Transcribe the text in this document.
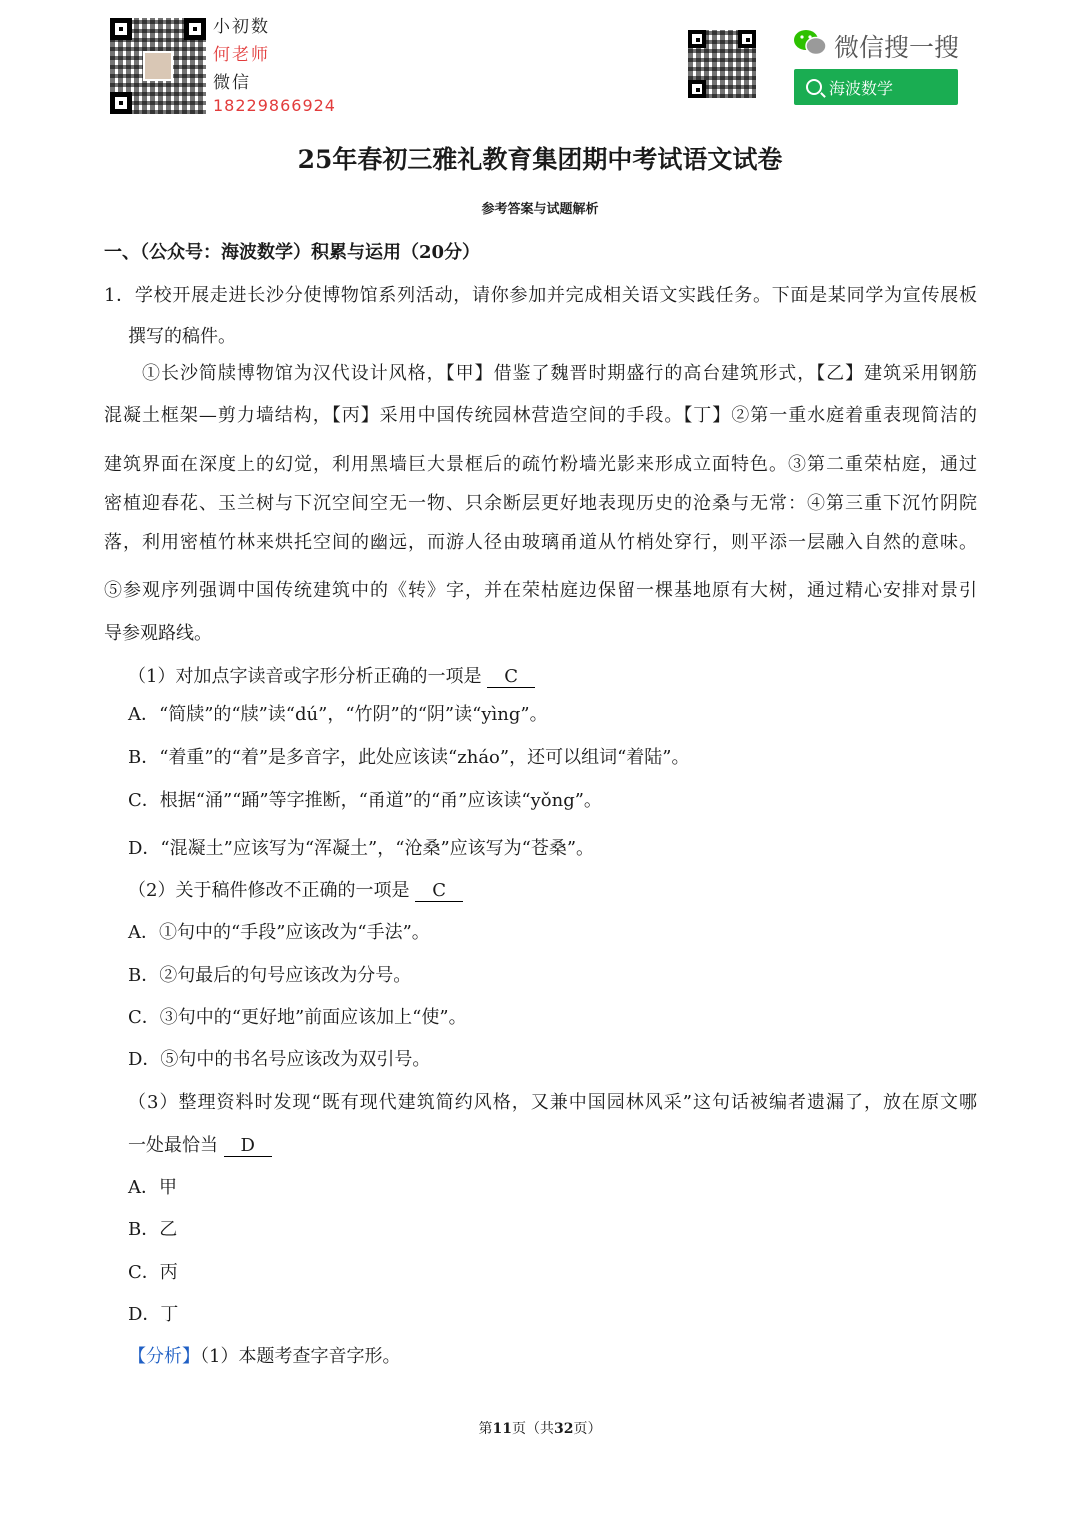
小初数
何老师
微信
18229866924
微信搜一搜
海波数学
25年春初三雅礼教育集团期中考试语文试卷
参考答案与试题解析
一、（公众号：海波数学）积累与运用（20分）
1．学校开展走进长沙分使博物馆系列活动，请你参加并完成相关语文实践任务。下面是某同学为宣传展板
撰写的稿件。
①长沙简牍博物馆为汉代设计风格，【甲】借鉴了魏晋时期盛行的高台建筑形式，【乙】建筑采用钢筋
混凝土框架—剪力墙结构，【丙】采用中国传统园林营造空间的手段。【丁】②第一重水庭着重表现简洁的
建筑界面在深度上的幻觉，利用黑墙巨大景框后的疏竹粉墙光影来形成立面特色。③第二重荣枯庭，通过
密植迎春花、玉兰树与下沉空间空无一物、只余断层更好地表现历史的沧桑与无常：④第三重下沉竹阴院
落，利用密植竹林来烘托空间的幽远，而游人径由玻璃甬道从竹梢处穿行，则平添一层融入自然的意味。
⑤参观序列强调中国传统建筑中的《转》字，并在荣枯庭边保留一棵基地原有大树，通过精心安排对景引
导参观路线。
（1）对加点字读音或字形分析正确的一项是 C
A．“简牍”的“牍”读“dú”，“竹阴”的“阴”读“yìng”。
B．“着重”的“着”是多音字，此处应该读“zháo”，还可以组词“着陆”。
C．根据“涌”“踊”等字推断，“甬道”的“甬”应该读“yǒng”。
D．“混凝土”应该写为“浑凝土”，“沧桑”应该写为“苍桑”。
（2）关于稿件修改不正确的一项是 C
A．①句中的“手段”应该改为“手法”。
B．②句最后的句号应该改为分号。
C．③句中的“更好地”前面应该加上“使”。
D．⑤句中的书名号应该改为双引号。
（3）整理资料时发现“既有现代建筑简约风格，又兼中国园林风采”这句话被编者遗漏了，放在原文哪
一处最恰当 D
A．甲
B．乙
C．丙
D．丁
【分析】（1）本题考查字音字形。
第11页（共32页）
